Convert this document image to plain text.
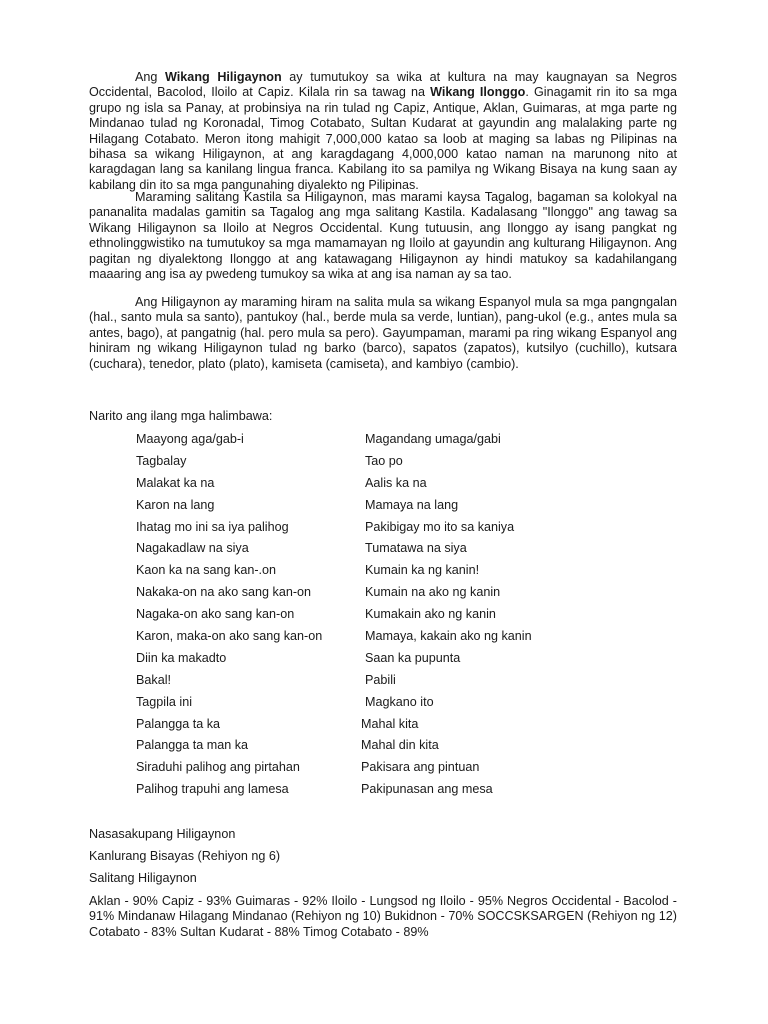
Ang Wikang Hiligaynon ay tumutukoy sa wika at kultura na may kaugnayan sa Negros Occidental, Bacolod, Iloilo at Capiz. Kilala rin sa tawag na Wikang Ilonggo. Ginagamit rin ito sa mga grupo ng isla sa Panay, at probinsiya na rin tulad ng Capiz, Antique, Aklan, Guimaras, at mga parte ng Mindanao tulad ng Koronadal, Timog Cotabato, Sultan Kudarat at gayundin ang malalaking parte ng Hilagang Cotabato. Meron itong mahigit 7,000,000 katao sa loob at maging sa labas ng Pilipinas na bihasa sa wikang Hiligaynon, at ang karagdagang 4,000,000 katao naman na marunong nito at karagdagan lang sa kanilang lingua franca. Kabilang ito sa pamilya ng Wikang Bisaya na kung saan ay kabilang din ito sa mga pangunahing diyalekto ng Pilipinas.

Maraming salitang Kastila sa Hiligaynon, mas marami kaysa Tagalog, bagaman sa kolokyal na pananalita madalas gamitin sa Tagalog ang mga salitang Kastila. Kadalasang "Ilonggo" ang tawag sa Wikang Hiligaynon sa Iloilo at Negros Occidental. Kung tutuusin, ang Ilonggo ay isang pangkat ng ethnolinggwistiko na tumutukoy sa mga mamamayan ng Iloilo at gayundin ang kulturang Hiligaynon. Ang pagitan ng diyalektong Ilonggo at ang katawagang Hiligaynon ay hindi matukoy sa kadahilangang maaaring ang isa ay pwedeng tumukoy sa wika at ang isa naman ay sa tao.

Ang Hiligaynon ay maraming hiram na salita mula sa wikang Espanyol mula sa mga pangngalan (hal., santo mula sa santo), pantukoy (hal., berde mula sa verde, luntian), pang-ukol (e.g., antes mula sa antes, bago), at pangatnig (hal. pero mula sa pero). Gayumpaman, marami pa ring wikang Espanyol ang hiniram ng wikang Hiligaynon tulad ng barko (barco), sapatos (zapatos), kutsilyo (cuchillo), kutsara (cuchara), tenedor, plato (plato), kamiseta (camiseta), and kambiyo (cambio).

Narito ang ilang mga halimbawa:
Maayong aga/gab-i	Magandang umaga/gabi
Tagbalay	Tao po
Malakat ka na	Aalis ka na
Karon na lang	Mamaya na lang
Ihatag mo ini sa iya palihog	Pakibigay mo ito sa kaniya
Nagakadlaw na siya	Tumatawa na siya
Kaon ka na sang kan-.on	Kumain ka ng kanin!
Nakaka-on na ako sang kan-on	Kumain na ako ng kanin
Nagaka-on ako sang kan-on	Kumakain ako ng kanin
Karon, maka-on ako sang kan-on	Mamaya, kakain ako ng kanin
Diin ka makadto	Saan ka pupunta
Bakal!	Pabili
Tagpila ini	Magkano ito
Palangga ta ka	Mahal kita
Palangga ta man ka	Mahal din kita
Siraduhi palihog ang pirtahan	Pakisara ang pintuan
Palihog trapuhi ang lamesa	Pakipunasan ang mesa
Nasasakupang Hiligaynon
Kanlurang Bisayas (Rehiyon ng 6)
Salitang Hiligaynon

Aklan - 90% Capiz - 93% Guimaras - 92% Iloilo - Lungsod ng Iloilo - 95% Negros Occidental - Bacolod - 91% Mindanaw Hilagang Mindanao (Rehiyon ng 10) Bukidnon - 70% SOCCSKSARGEN (Rehiyon ng 12) Cotabato - 83% Sultan Kudarat - 88% Timog Cotabato - 89%
